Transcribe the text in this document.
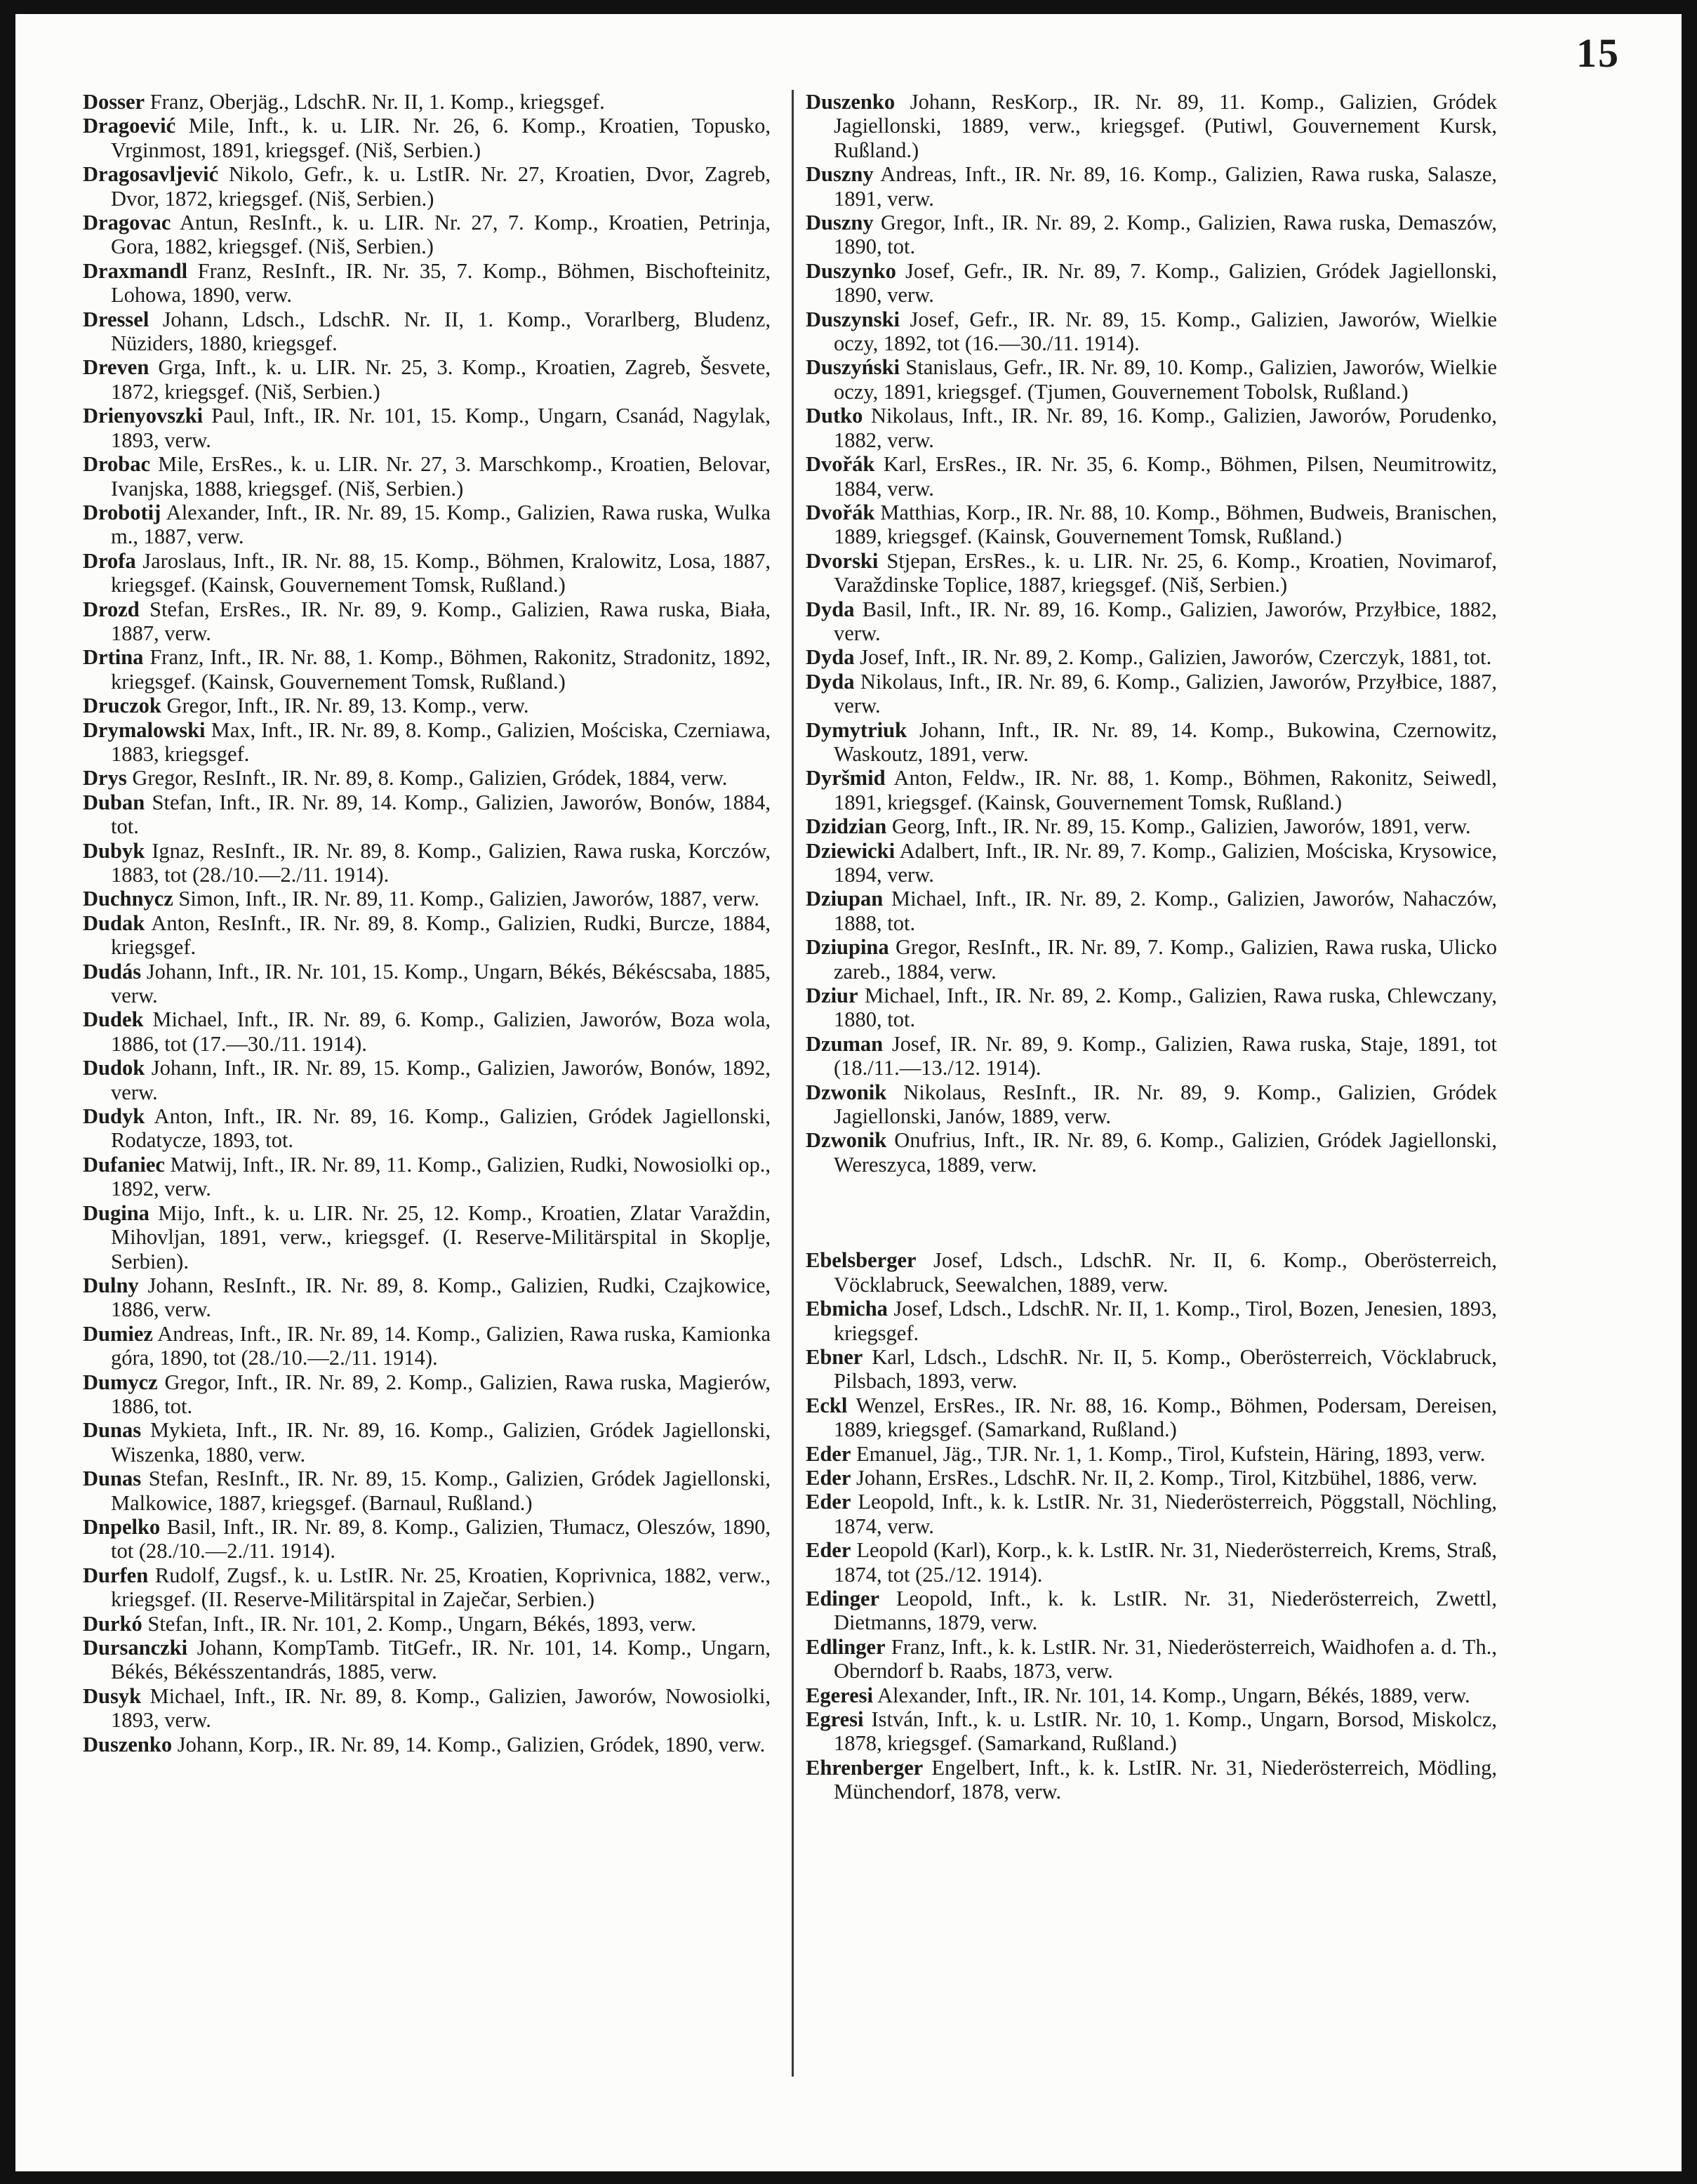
15

Dosser Franz, Oberjäg., LdschR. Nr. II, 1. Komp., kriegsgef.

Dragoević Mile, Inft., k. u. LIR. Nr. 26, 6. Komp., Kroatien, Topusko, Vrginmost, 1891, kriegsgef. (Niš, Serbien.)

Dragosavljević Nikolo, Gefr., k. u. LstIR. Nr. 27, Kroatien, Dvor, Zagreb, Dvor, 1872, kriegsgef. (Niš, Serbien.)

Dragovac Antun, ResInft., k. u. LIR. Nr. 27, 7. Komp., Kroatien, Petrinja, Gora, 1882, kriegsgef. (Niš, Serbien.)

Draxmandl Franz, ResInft., IR. Nr. 35, 7. Komp., Böhmen, Bischofteinitz, Lohowa, 1890, verw.

Dressel Johann, Ldsch., LdschR. Nr. II, 1. Komp., Vorarlberg, Bludenz, Nüziders, 1880, kriegsgef.

Dreven Grga, Inft., k. u. LIR. Nr. 25, 3. Komp., Kroatien, Zagreb, Šesvete, 1872, kriegsgef. (Niš, Serbien.)

Drienyovszki Paul, Inft., IR. Nr. 101, 15. Komp., Ungarn, Csanád, Nagylak, 1893, verw.

Drobac Mile, ErsRes., k. u. LIR. Nr. 27, 3. Marschkomp., Kroatien, Belovar, Ivanjska, 1888, kriegsgef. (Niš, Serbien.)

Drobotij Alexander, Inft., IR. Nr. 89, 15. Komp., Galizien, Rawa ruska, Wulka m., 1887, verw.

Drofa Jaroslaus, Inft., IR. Nr. 88, 15. Komp., Böhmen, Kralowitz, Losa, 1887, kriegsgef. (Kainsk, Gouvernement Tomsk, Rußland.)

Drozd Stefan, ErsRes., IR. Nr. 89, 9. Komp., Galizien, Rawa ruska, Biała, 1887, verw.

Drtina Franz, Inft., IR. Nr. 88, 1. Komp., Böhmen, Rakonitz, Stradonitz, 1892, kriegsgef. (Kainsk, Gouvernement Tomsk, Rußland.)

Druczok Gregor, Inft., IR. Nr. 89, 13. Komp., verw.

Drymalowski Max, Inft., IR. Nr. 89, 8. Komp., Galizien, Mościska, Czerniawa, 1883, kriegsgef.

Drys Gregor, ResInft., IR. Nr. 89, 8. Komp., Galizien, Gródek, 1884, verw.

Duban Stefan, Inft., IR. Nr. 89, 14. Komp., Galizien, Jaworów, Bonów, 1884, tot.

Dubyk Ignaz, ResInft., IR. Nr. 89, 8. Komp., Galizien, Rawa ruska, Korczów, 1883, tot (28./10.—2./11. 1914).

Duchnycz Simon, Inft., IR. Nr. 89, 11. Komp., Galizien, Jaworów, 1887, verw.

Dudak Anton, ResInft., IR. Nr. 89, 8. Komp., Galizien, Rudki, Burcze, 1884, kriegsgef.

Dudás Johann, Inft., IR. Nr. 101, 15. Komp., Ungarn, Békés, Békéscsaba, 1885, verw.

Dudek Michael, Inft., IR. Nr. 89, 6. Komp., Galizien, Jaworów, Boza wola, 1886, tot (17.—30./11. 1914).

Dudok Johann, Inft., IR. Nr. 89, 15. Komp., Galizien, Jaworów, Bonów, 1892, verw.

Dudyk Anton, Inft., IR. Nr. 89, 16. Komp., Galizien, Gródek Jagiellonski, Rodatycze, 1893, tot.

Dufaniec Matwij, Inft., IR. Nr. 89, 11. Komp., Galizien, Rudki, Nowosiolki op., 1892, verw.

Dugina Mijo, Inft., k. u. LIR. Nr. 25, 12. Komp., Kroatien, Zlatar Varaždin, Mihovljan, 1891, verw., kriegsgef. (I. Reserve-Militärspital in Skoplje, Serbien).

Dulny Johann, ResInft., IR. Nr. 89, 8. Komp., Galizien, Rudki, Czajkowice, 1886, verw.

Dumiez Andreas, Inft., IR. Nr. 89, 14. Komp., Galizien, Rawa ruska, Kamionka góra, 1890, tot (28./10.—2./11. 1914).

Dumycz Gregor, Inft., IR. Nr. 89, 2. Komp., Galizien, Rawa ruska, Magierów, 1886, tot.

Dunas Mykieta, Inft., IR. Nr. 89, 16. Komp., Galizien, Gródek Jagiellonski, Wiszenka, 1880, verw.

Dunas Stefan, ResInft., IR. Nr. 89, 15. Komp., Galizien, Gródek Jagiellonski, Malkowice, 1887, kriegsgef. (Barnaul, Rußland.)

Dnpelko Basil, Inft., IR. Nr. 89, 8. Komp., Galizien, Tłumacz, Oleszów, 1890, tot (28./10.—2./11. 1914).

Durfen Rudolf, Zugsf., k. u. LstIR. Nr. 25, Kroatien, Koprivnica, 1882, verw., kriegsgef. (II. Reserve-Militärspital in Zaječar, Serbien.)

Durkó Stefan, Inft., IR. Nr. 101, 2. Komp., Ungarn, Békés, 1893, verw.

Dursanczki Johann, KompTamb. TitGefr., IR. Nr. 101, 14. Komp., Ungarn, Békés, Békésszentandrás, 1885, verw.

Dusyk Michael, Inft., IR. Nr. 89, 8. Komp., Galizien, Jaworów, Nowosiolki, 1893, verw.

Duszenko Johann, Korp., IR. Nr. 89, 14. Komp., Galizien, Gródek, 1890, verw.

Duszenko Johann, ResKorp., IR. Nr. 89, 11. Komp., Galizien, Gródek Jagiellonski, 1889, verw., kriegsgef. (Putiwl, Gouvernement Kursk, Rußland.)

Duszny Andreas, Inft., IR. Nr. 89, 16. Komp., Galizien, Rawa ruska, Salasze, 1891, verw.

Duszny Gregor, Inft., IR. Nr. 89, 2. Komp., Galizien, Rawa ruska, Demaszów, 1890, tot.

Duszynko Josef, Gefr., IR. Nr. 89, 7. Komp., Galizien, Gródek Jagiellonski, 1890, verw.

Duszynski Josef, Gefr., IR. Nr. 89, 15. Komp., Galizien, Jaworów, Wielkie oczy, 1892, tot (16.—30./11. 1914).

Duszyński Stanislaus, Gefr., IR. Nr. 89, 10. Komp., Galizien, Jaworów, Wielkie oczy, 1891, kriegsgef. (Tjumen, Gouvernement Tobolsk, Rußland.)

Dutko Nikolaus, Inft., IR. Nr. 89, 16. Komp., Galizien, Jaworów, Porudenko, 1882, verw.

Dvořák Karl, ErsRes., IR. Nr. 35, 6. Komp., Böhmen, Pilsen, Neumitrowitz, 1884, verw.

Dvořák Matthias, Korp., IR. Nr. 88, 10. Komp., Böhmen, Budweis, Branischen, 1889, kriegsgef. (Kainsk, Gouvernement Tomsk, Rußland.)

Dvorski Stjepan, ErsRes., k. u. LIR. Nr. 25, 6. Komp., Kroatien, Novimarof, Varaždinske Toplice, 1887, kriegsgef. (Niš, Serbien.)

Dyda Basil, Inft., IR. Nr. 89, 16. Komp., Galizien, Jaworów, Przyłbice, 1882, verw.

Dyda Josef, Inft., IR. Nr. 89, 2. Komp., Galizien, Jaworów, Czerczyk, 1881, tot.

Dyda Nikolaus, Inft., IR. Nr. 89, 6. Komp., Galizien, Jaworów, Przyłbice, 1887, verw.

Dymytriuk Johann, Inft., IR. Nr. 89, 14. Komp., Bukowina, Czernowitz, Waskoutz, 1891, verw.

Dyršmid Anton, Feldw., IR. Nr. 88, 1. Komp., Böhmen, Rakonitz, Seiwedl, 1891, kriegsgef. (Kainsk, Gouvernement Tomsk, Rußland.)

Dzidzian Georg, Inft., IR. Nr. 89, 15. Komp., Galizien, Jaworów, 1891, verw.

Dziewicki Adalbert, Inft., IR. Nr. 89, 7. Komp., Galizien, Mościska, Krysowice, 1894, verw.

Dziupan Michael, Inft., IR. Nr. 89, 2. Komp., Galizien, Jaworów, Nahaczów, 1888, tot.

Dziupina Gregor, ResInft., IR. Nr. 89, 7. Komp., Galizien, Rawa ruska, Ulicko zareb., 1884, verw.

Dziur Michael, Inft., IR. Nr. 89, 2. Komp., Galizien, Rawa ruska, Chlewczany, 1880, tot.

Dzuman Josef, IR. Nr. 89, 9. Komp., Galizien, Rawa ruska, Staje, 1891, tot (18./11.—13./12. 1914).

Dzwonik Nikolaus, ResInft., IR. Nr. 89, 9. Komp., Galizien, Gródek Jagiellonski, Janów, 1889, verw.

Dzwonik Onufrius, Inft., IR. Nr. 89, 6. Komp., Galizien, Gródek Jagiellonski, Wereszyca, 1889, verw.

Ebelsberger Josef, Ldsch., LdschR. Nr. II, 6. Komp., Oberösterreich, Vöcklabruck, Seewalchen, 1889, verw.

Ebmicha Josef, Ldsch., LdschR. Nr. II, 1. Komp., Tirol, Bozen, Jenesien, 1893, kriegsgef.

Ebner Karl, Ldsch., LdschR. Nr. II, 5. Komp., Oberösterreich, Vöcklabruck, Pilsbach, 1893, verw.

Eckl Wenzel, ErsRes., IR. Nr. 88, 16. Komp., Böhmen, Podersam, Dereisen, 1889, kriegsgef. (Samarkand, Rußland.)

Eder Emanuel, Jäg., TJR. Nr. 1, 1. Komp., Tirol, Kufstein, Häring, 1893, verw.

Eder Johann, ErsRes., LdschR. Nr. II, 2. Komp., Tirol, Kitzbühel, 1886, verw.

Eder Leopold, Inft., k. k. LstIR. Nr. 31, Niederösterreich, Pöggstall, Nöchling, 1874, verw.

Eder Leopold (Karl), Korp., k. k. LstIR. Nr. 31, Niederösterreich, Krems, Straß, 1874, tot (25./12. 1914).

Edinger Leopold, Inft., k. k. LstIR. Nr. 31, Niederösterreich, Zwettl, Dietmanns, 1879, verw.

Edlinger Franz, Inft., k. k. LstIR. Nr. 31, Niederösterreich, Waidhofen a. d. Th., Oberndorf b. Raabs, 1873, verw.

Egeresi Alexander, Inft., IR. Nr. 101, 14. Komp., Ungarn, Békés, 1889, verw.

Egresi István, Inft., k. u. LstIR. Nr. 10, 1. Komp., Ungarn, Borsod, Miskolcz, 1878, kriegsgef. (Samarkand, Rußland.)

Ehrenberger Engelbert, Inft., k. k. LstIR. Nr. 31, Niederösterreich, Mödling, Münchendorf, 1878, verw.
